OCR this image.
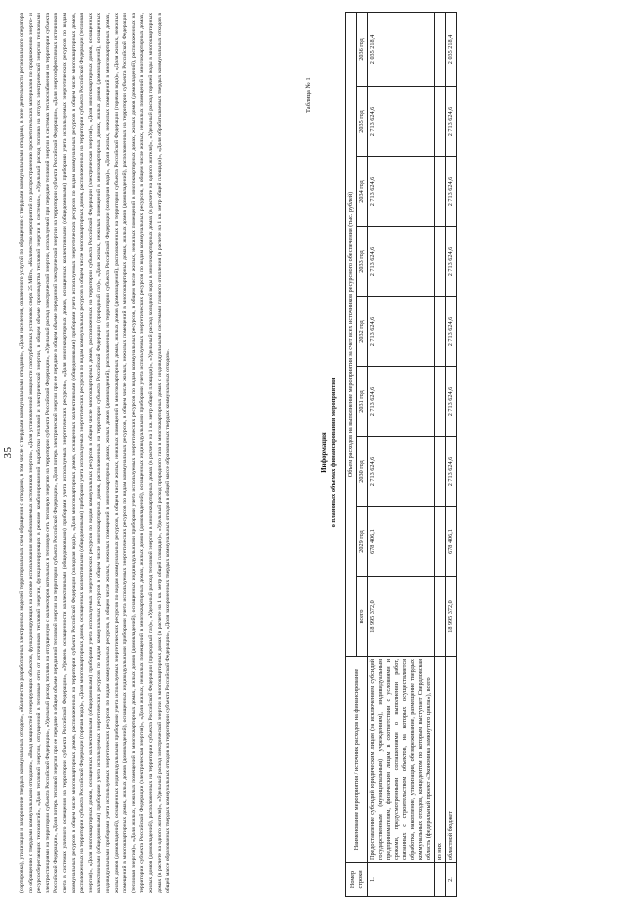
35 (сортировка), утилизация и захоронение твердых коммунальных отходов», «Количество разработанных электронных моделей территориальных схем обращения с отходами, в том числе с твердыми коммунальными отходами», «Доля населения, охваченного услугой по обращению с твердыми коммунальными отходами, в зоне деятельности регионального оператора по обращению с твердыми коммунальными отходами», «Ввод мощностей генерирующих объектов, функционирующих на основе использования возобновляемых источников энергии», «Доля установленной мощности газотурбинных установок сверх 25 МВт», «Количество мероприятий по распространению просветительских материалов по продвижению энерго- и ресурсосберегающих технологий», «Доля тепловой энергии, отпущенной в тепловые сети от источников тепловой энергии, функционирующих в режиме комбинированной выработки тепловой и электрической энергии, в общем объеме производства тепловой энергии в системах», «Удельный расход топлива на отпуск электрической энергии тепловыми электростанциями на территории субъекта Российской Федерации», «Удельный расход топлива на отпущенную с коллекторов котельных в тепловую сеть тепловую энергию на территории субъекта Российской Федерации», «Удельный расход электрической энергии, используемой при передаче тепловой энергии в системах теплоснабжения на территории субъекта Российской Федерации», «Доля потерь тепловой энергии при ее передаче в общем объеме переданной тепловой энергии на территории субъекта Российской Федерации», «Доля потерь электрической энергии при ее передаче в общем объеме переданной электрической энергии на территории субъекта Российской Федерации», «Доля энергоэффективных источников света в системах уличного освещения на территории субъекта Российской Федерации», «Уровень оснащенности коллективными (общедомовыми) приборами учета используемых энергетических ресурсов», «Доля многоквартирных домов, оснащенных коллективными (общедомовыми) приборами учета используемых энергетических ресурсов по видам коммунальных ресурсов в общем числе многоквартирных домов, расположенных на территории субъекта Российской Федерации (холодная вода)», «Доля многоквартирных домов, оснащенных коллективными (общедомовыми) приборами учета используемых энергетических ресурсов по видам коммунальных ресурсов в общем числе многоквартирных домов, расположенных на территории субъекта Российской Федерации (горячая вода)», «Доля многоквартирных домов, оснащенных коллективными (общедомовыми) приборами учета используемых энергетических ресурсов по видам коммунальных ресурсов в общем числе многоквартирных домов, расположенных на территории субъекта Российской Федерации (тепловая энергия)», «Доля многоквартирных домов, оснащенных коллективными (общедомовыми) приборами учета используемых энергетических ресурсов по видам коммунальных ресурсов в общем числе многоквартирных домов, расположенных на территории субъекта Российской Федерации (электрическая энергия)», «Доля многоквартирных домов, оснащенных коллективными (общедомовыми) приборами учета используемых энергетических ресурсов по видам коммунальных ресурсов в общем числе многоквартирных домов, расположенных на территории субъекта Российской Федерации (природный газ)», «Доля жилых, нежилых помещений в многоквартирных домах, жилых домов (домовладений), оснащенных индивидуальными приборами учета используемых энергетических ресурсов по видам коммунальных ресурсов, в общем числе жилых, нежилых помещений в многоквартирных домах, жилых домов (домовладений), расположенных на территории субъекта Российской Федерации (холодная вода)», «Доля жилых, нежилых помещений в многоквартирных домах, жилых домов (домовладений), оснащенных индивидуальными приборами учета используемых энергетических ресурсов по видам коммунальных ресурсов, в общем числе жилых, нежилых помещений в многоквартирных домах, жилых домов (домовладений), расположенных на территории субъекта Российской Федерации (горячая вода)», «Доля жилых, нежилых помещений в многоквартирных домах, жилых домов (домовладений), оснащенных индивидуальными приборами учета используемых энергетических ресурсов по видам коммунальных ресурсов, в общем числе жилых, нежилых помещений в многоквартирных домах, жилых домов (домовладений), расположенных на территории субъекта Российской Федерации (тепловая энергия)», «Доля жилых, нежилых помещений в многоквартирных домах, жилых домов (домовладений), оснащенных индивидуальными приборами учета используемых энергетических ресурсов по видам коммунальных ресурсов, в общем числе жилых, нежилых помещений в многоквартирных домах, жилых домов (домовладений), расположенных на территории субъекта Российской Федерации (электрическая энергия)», «Доля жилых, нежилых помещений в многоквартирных домах, жилых домов (домовладений), оснащенных индивидуальными приборами учета используемых энергетических ресурсов по видам коммунальных ресурсов, в общем числе жилых, нежилых помещений в многоквартирных домах, жилых домов (домовладений), расположенных на территории субъекта Российской Федерации (природный газ)», «Удельный расход тепловой энергии в многоквартирных домах (в расчете на 1 кв. метр общей площади)», «Удельный расход холодной воды в многоквартирных домах (в расчете на одного жителя)», «Удельный расход горячей воды в многоквартирных домах (в расчете на одного жителя)», «Удельный расход электрической энергии в многоквартирных домах (в расчете на 1 кв. метр общей площади)», «Удельный расход природного газа в многоквартирных домах с индивидуальными системами газового отопления (в расчете на 1 кв. метр общей площади)», «Доля обрабатываемых твердых коммунальных отходов в общей массе образованных твердых коммунальных отходов на территории субъекта Российской Федерации», «Доля захороненных твердых коммунальных отходов в общей массе образованных твердых коммунальных отходов».

Таблица № 1
Информация о плановых объемах финансирования мероприятия
Номер строки	Наименование мероприятия / источник расходов на финансирование	Объем расходов на выполнение мероприятия за счет всех источников ресурсного обеспечения (тыс. рублей)								
		всего	2029 год	2030 год	2031 год	2032 год	2033 год	2034 год	2035 год	2036 год
1.	Предоставление субсидий юридическим лицам (за исключением субсидий государственным (муниципальным) учреждениям), индивидуальным предпринимателям, физическим лицам в соответствии с условиями и сроками, предусмотренными соглашениями о выполнении работ, связанных с строительством объектов, на которых осуществляется обработка, накопление, утилизация, обезвреживание, размещение твердых коммунальных отходов, концедентом по которым выступает Свердловская область (федеральный проект «Экономика замкнутого цикла»), всего	18 995 372,0	678 406,1	2 713 624,6	2 713 624,6	2 713 624,6	2 713 624,6	2 713 624,6	2 713 624,6	2 035 218,4
	из них									
2.	областной бюджет	18 995 372,0	678 406,1	2 713 624,6	2 713 624,6	2 713 624,6	2 713 624,6	2 713 624,6	2 713 624,6	2 035 218,4
